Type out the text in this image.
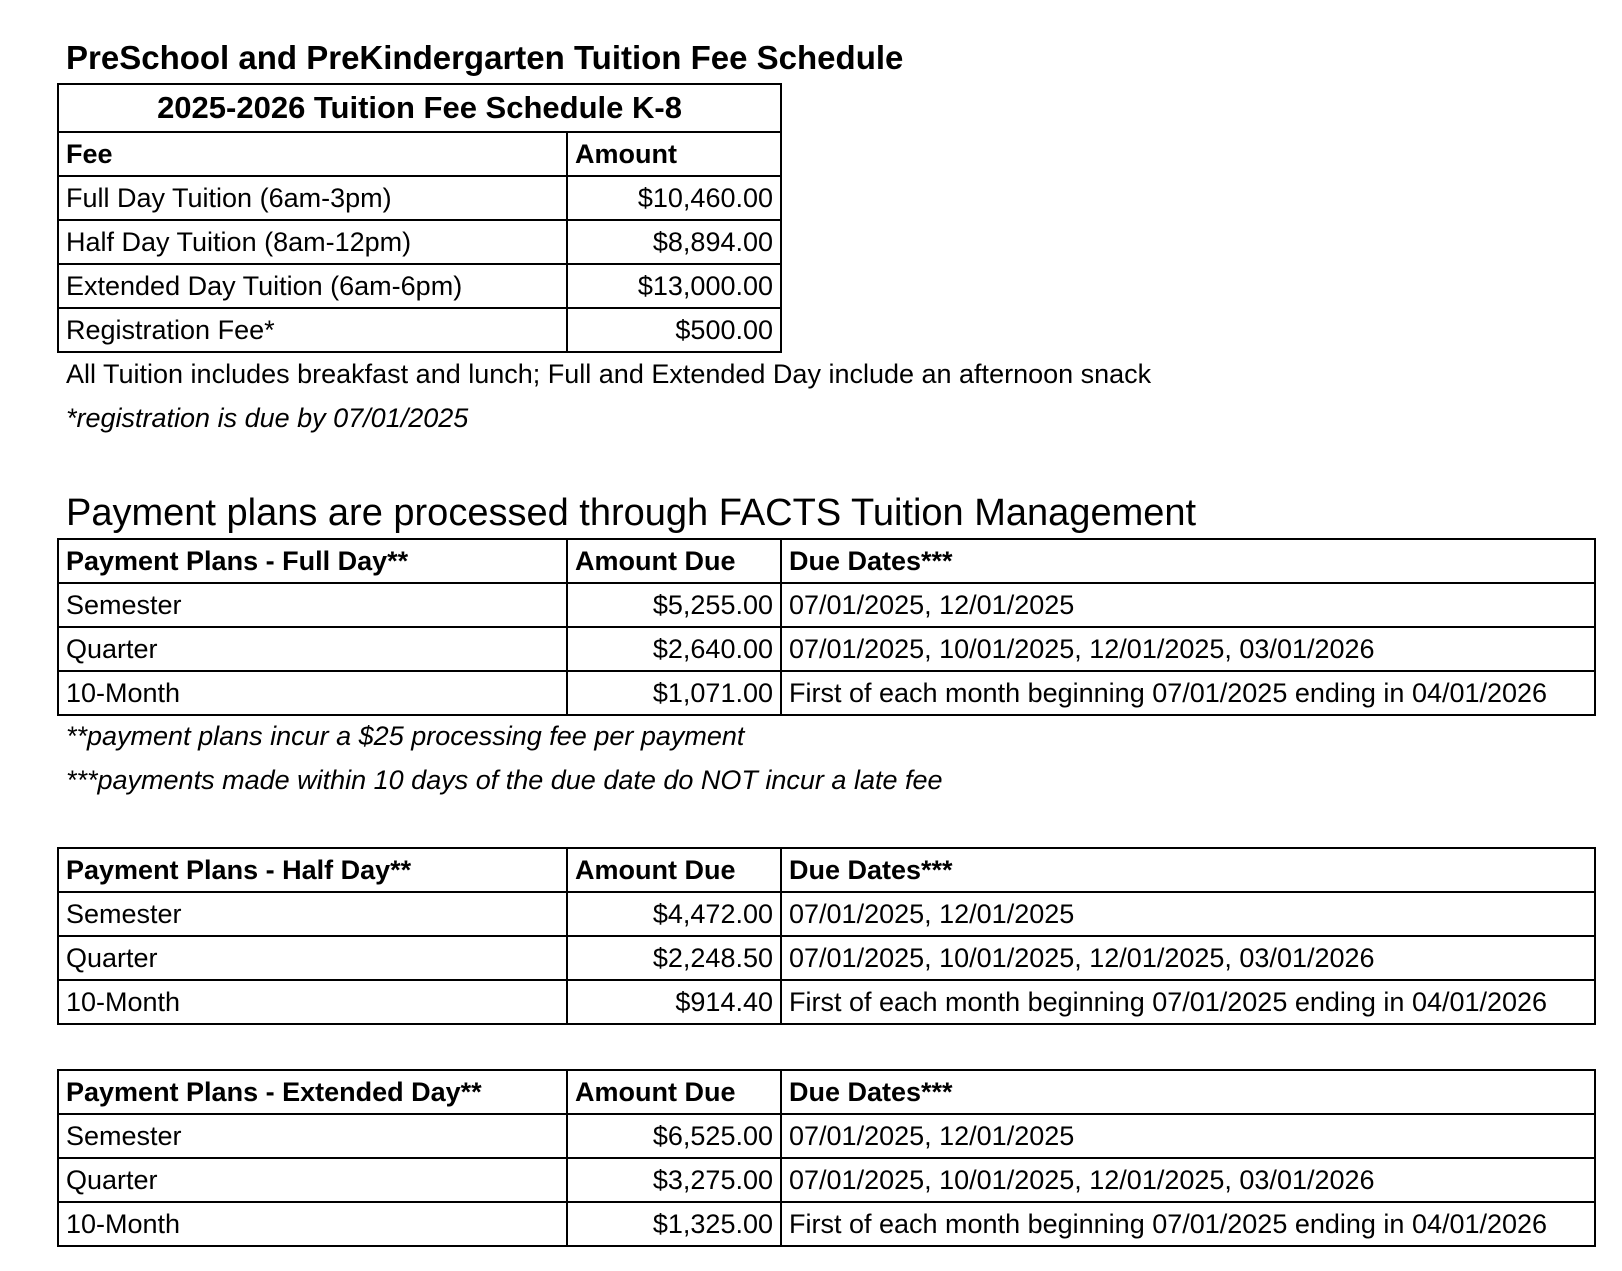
PreSchool and PreKindergarten Tuition Fee Schedule
2025-2026 Tuition Fee Schedule K-8	
Fee	Amount
Full Day Tuition (6am-3pm)	$10,460.00
Half Day Tuition (8am-12pm)	$8,894.00
Extended Day Tuition (6am-6pm)	$13,000.00
Registration Fee*	$500.00
All Tuition includes breakfast and lunch; Full and Extended Day include an afternoon snack
*registration is due by 07/01/2025
Payment plans are processed through FACTS Tuition Management
Payment Plans - Full Day**	Amount Due	Due Dates***
Semester	$5,255.00	07/01/2025, 12/01/2025
Quarter	$2,640.00	07/01/2025, 10/01/2025, 12/01/2025, 03/01/2026
10-Month	$1,071.00	First of each month beginning 07/01/2025 ending in 04/01/2026
**payment plans incur a $25 processing fee per payment
***payments made within 10 days of the due date do NOT incur a late fee
Payment Plans - Half Day**	Amount Due	Due Dates***
Semester	$4,472.00	07/01/2025, 12/01/2025
Quarter	$2,248.50	07/01/2025, 10/01/2025, 12/01/2025, 03/01/2026
10-Month	$914.40	First of each month beginning 07/01/2025 ending in 04/01/2026
Payment Plans - Extended Day**	Amount Due	Due Dates***
Semester	$6,525.00	07/01/2025, 12/01/2025
Quarter	$3,275.00	07/01/2025, 10/01/2025, 12/01/2025, 03/01/2026
10-Month	$1,325.00	First of each month beginning 07/01/2025 ending in 04/01/2026
